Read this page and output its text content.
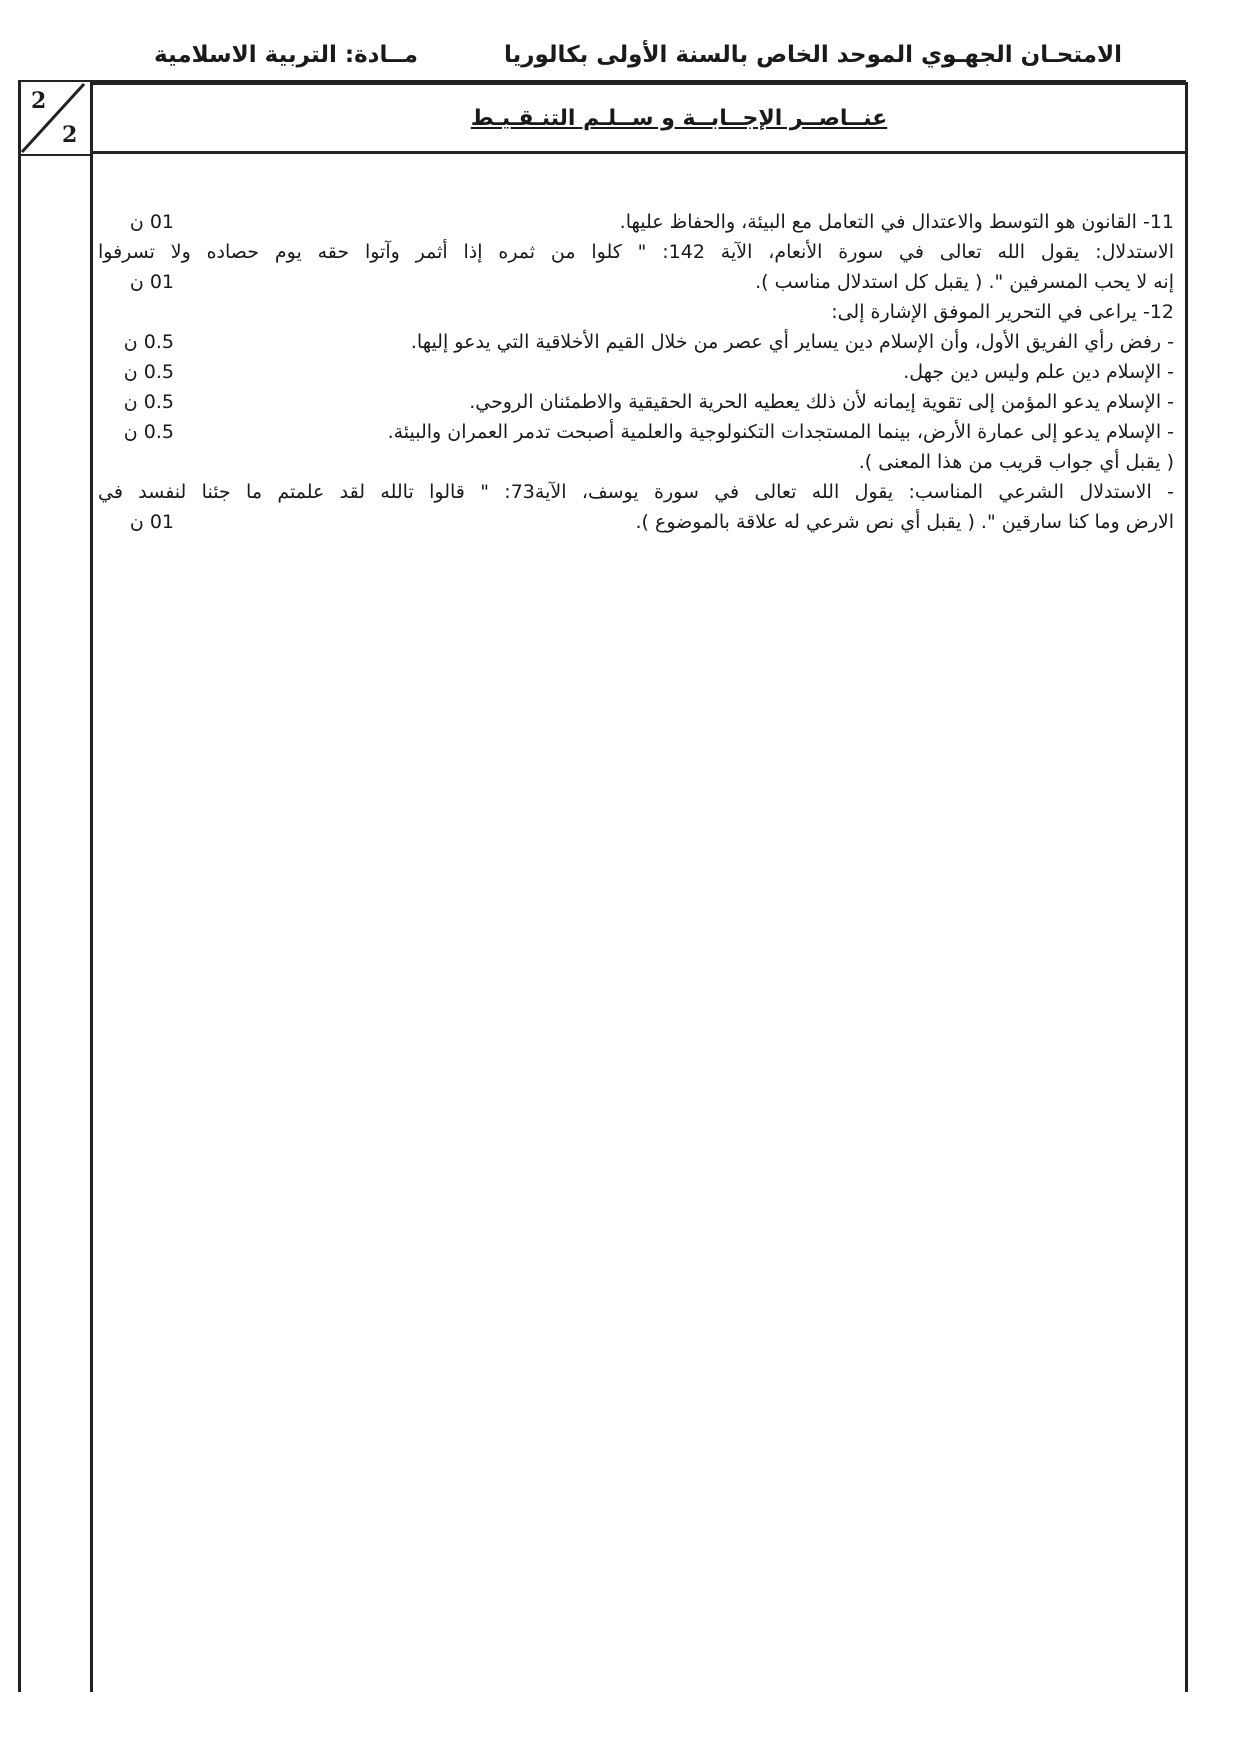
الامتحـان الجهـوي الموحد الخاص بالسنة الأولى بكالوريا
مــادة: التربية الاسلامية
2
2
عنــاصــر الإجــابــة و ســلـم التنـقـيـط
11- القانون هو التوسط والاعتدال في التعامل مع البيئة، والحفاظ عليها.
01 ن
الاستدلال: يقول الله تعالى في سورة الأنعام، الآية 142: " كلوا من ثمره إذا أثمر وآتوا حقه يوم حصاده ولا تسرفوا
إنه لا يحب المسرفين ". ( يقبل كل استدلال مناسب ).
01 ن
12- يراعى في التحرير الموفق الإشارة إلى:
- رفض رأي الفريق الأول، وأن الإسلام دين يساير أي عصر من خلال القيم الأخلاقية التي يدعو إليها.
0.5 ن
- الإسلام دين علم وليس دين جهل.
0.5 ن
- الإسلام يدعو المؤمن إلى تقوية إيمانه لأن ذلك يعطيه الحرية الحقيقية والاطمئنان الروحي.
0.5 ن
- الإسلام يدعو إلى عمارة الأرض، بينما المستجدات التكنولوجية والعلمية أصبحت تدمر العمران والبيئة.
0.5 ن
( يقبل أي جواب قريب من هذا المعنى ).
- الاستدلال الشرعي المناسب: يقول الله تعالى في سورة يوسف، الآية73: " قالوا تالله لقد علمتم ما جئنا لنفسد في
الارض وما كنا سارقين ". ( يقبل أي نص شرعي له علاقة بالموضوع ).
01 ن
